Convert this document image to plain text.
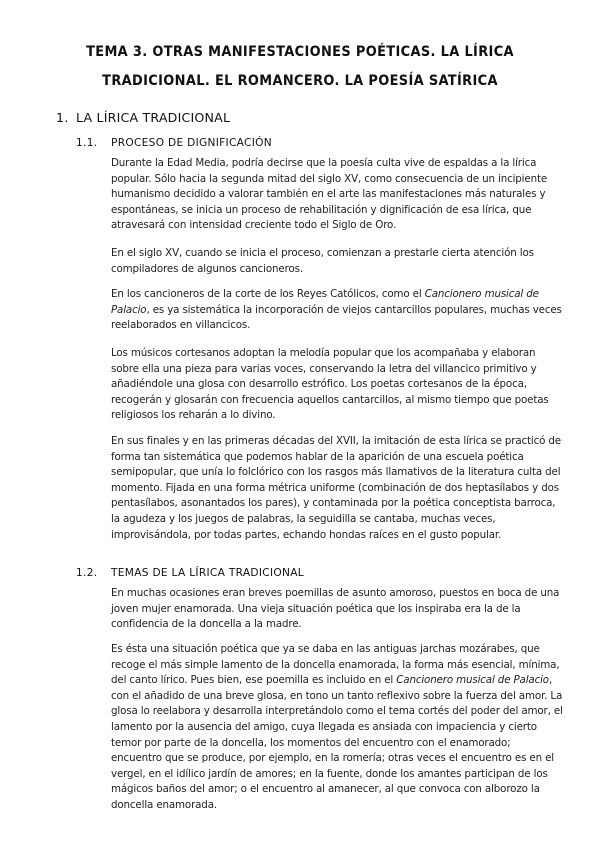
TEMA 3. OTRAS MANIFESTACIONES POÉTICAS. LA LÍRICA TRADICIONAL. EL ROMANCERO. LA POESÍA SATÍRICA
1. LA LÍRICA TRADICIONAL
1.1. PROCESO DE DIGNIFICACIÓN

Durante la Edad Media, podría decirse que la poesía culta vive de espaldas a la lírica popular. Sólo hacia la segunda mitad del siglo XV, como consecuencia de un incipiente humanismo decidido a valorar también en el arte las manifestaciones más naturales y espontáneas, se inicia un proceso de rehabilitación y dignificación de esa lírica, que atravesará con intensidad creciente todo el Siglo de Oro.

En el siglo XV, cuando se inicia el proceso, comienzan a prestarle cierta atención los compiladores de algunos cancioneros.

En los cancioneros de la corte de los Reyes Católicos, como el Cancionero musical de Palacio, es ya sistemática la incorporación de viejos cantarcillos populares, muchas veces reelaborados en villancicos.

Los músicos cortesanos adoptan la melodía popular que los acompañaba y elaboran sobre ella una pieza para varias voces, conservando la letra del villancico primitivo y añadiéndole una glosa con desarrollo estrófico. Los poetas cortesanos de la época, recogerán y glosarán con frecuencia aquellos cantarcillos, al mismo tiempo que poetas religiosos los reharán a lo divino.

En sus finales y en las primeras décadas del XVII, la imitación de esta lírica se practicó de forma tan sistemática que podemos hablar de la aparición de una escuela poética semipopular, que unía lo folclórico con los rasgos más llamativos de la literatura culta del momento. Fijada en una forma métrica uniforme (combinación de dos heptasílabos y dos pentasílabos, asonantados los pares), y contaminada por la poética conceptista barroca, la agudeza y los juegos de palabras, la seguidilla se cantaba, muchas veces, improvisándola, por todas partes, echando hondas raíces en el gusto popular.

1.2. TEMAS DE LA LÍRICA TRADICIONAL

En muchas ocasiones eran breves poemillas de asunto amoroso, puestos en boca de una joven mujer enamorada. Una vieja situación poética que los inspiraba era la de la confidencia de la doncella a la madre.

Es ésta una situación poética que ya se daba en las antiguas jarchas mozárabes, que recoge el más simple lamento de la doncella enamorada, la forma más esencial, mínima, del canto lírico. Pues bien, ese poemilla es incluido en el Cancionero musical de Palacio, con el añadido de una breve glosa, en tono un tanto reflexivo sobre la fuerza del amor. La glosa lo reelabora y desarrolla interpretándolo como el tema cortés del poder del amor, el lamento por la ausencia del amigo, cuya llegada es ansiada con impaciencia y cierto temor por parte de la doncella, los momentos del encuentro con el enamorado; encuentro que se produce, por ejemplo, en la romería; otras veces el encuentro es en el vergel, en el idílico jardín de amores; en la fuente, donde los amantes participan de los mágicos baños del amor; o el encuentro al amanecer, al que convoca con alborozo la doncella enamorada.
